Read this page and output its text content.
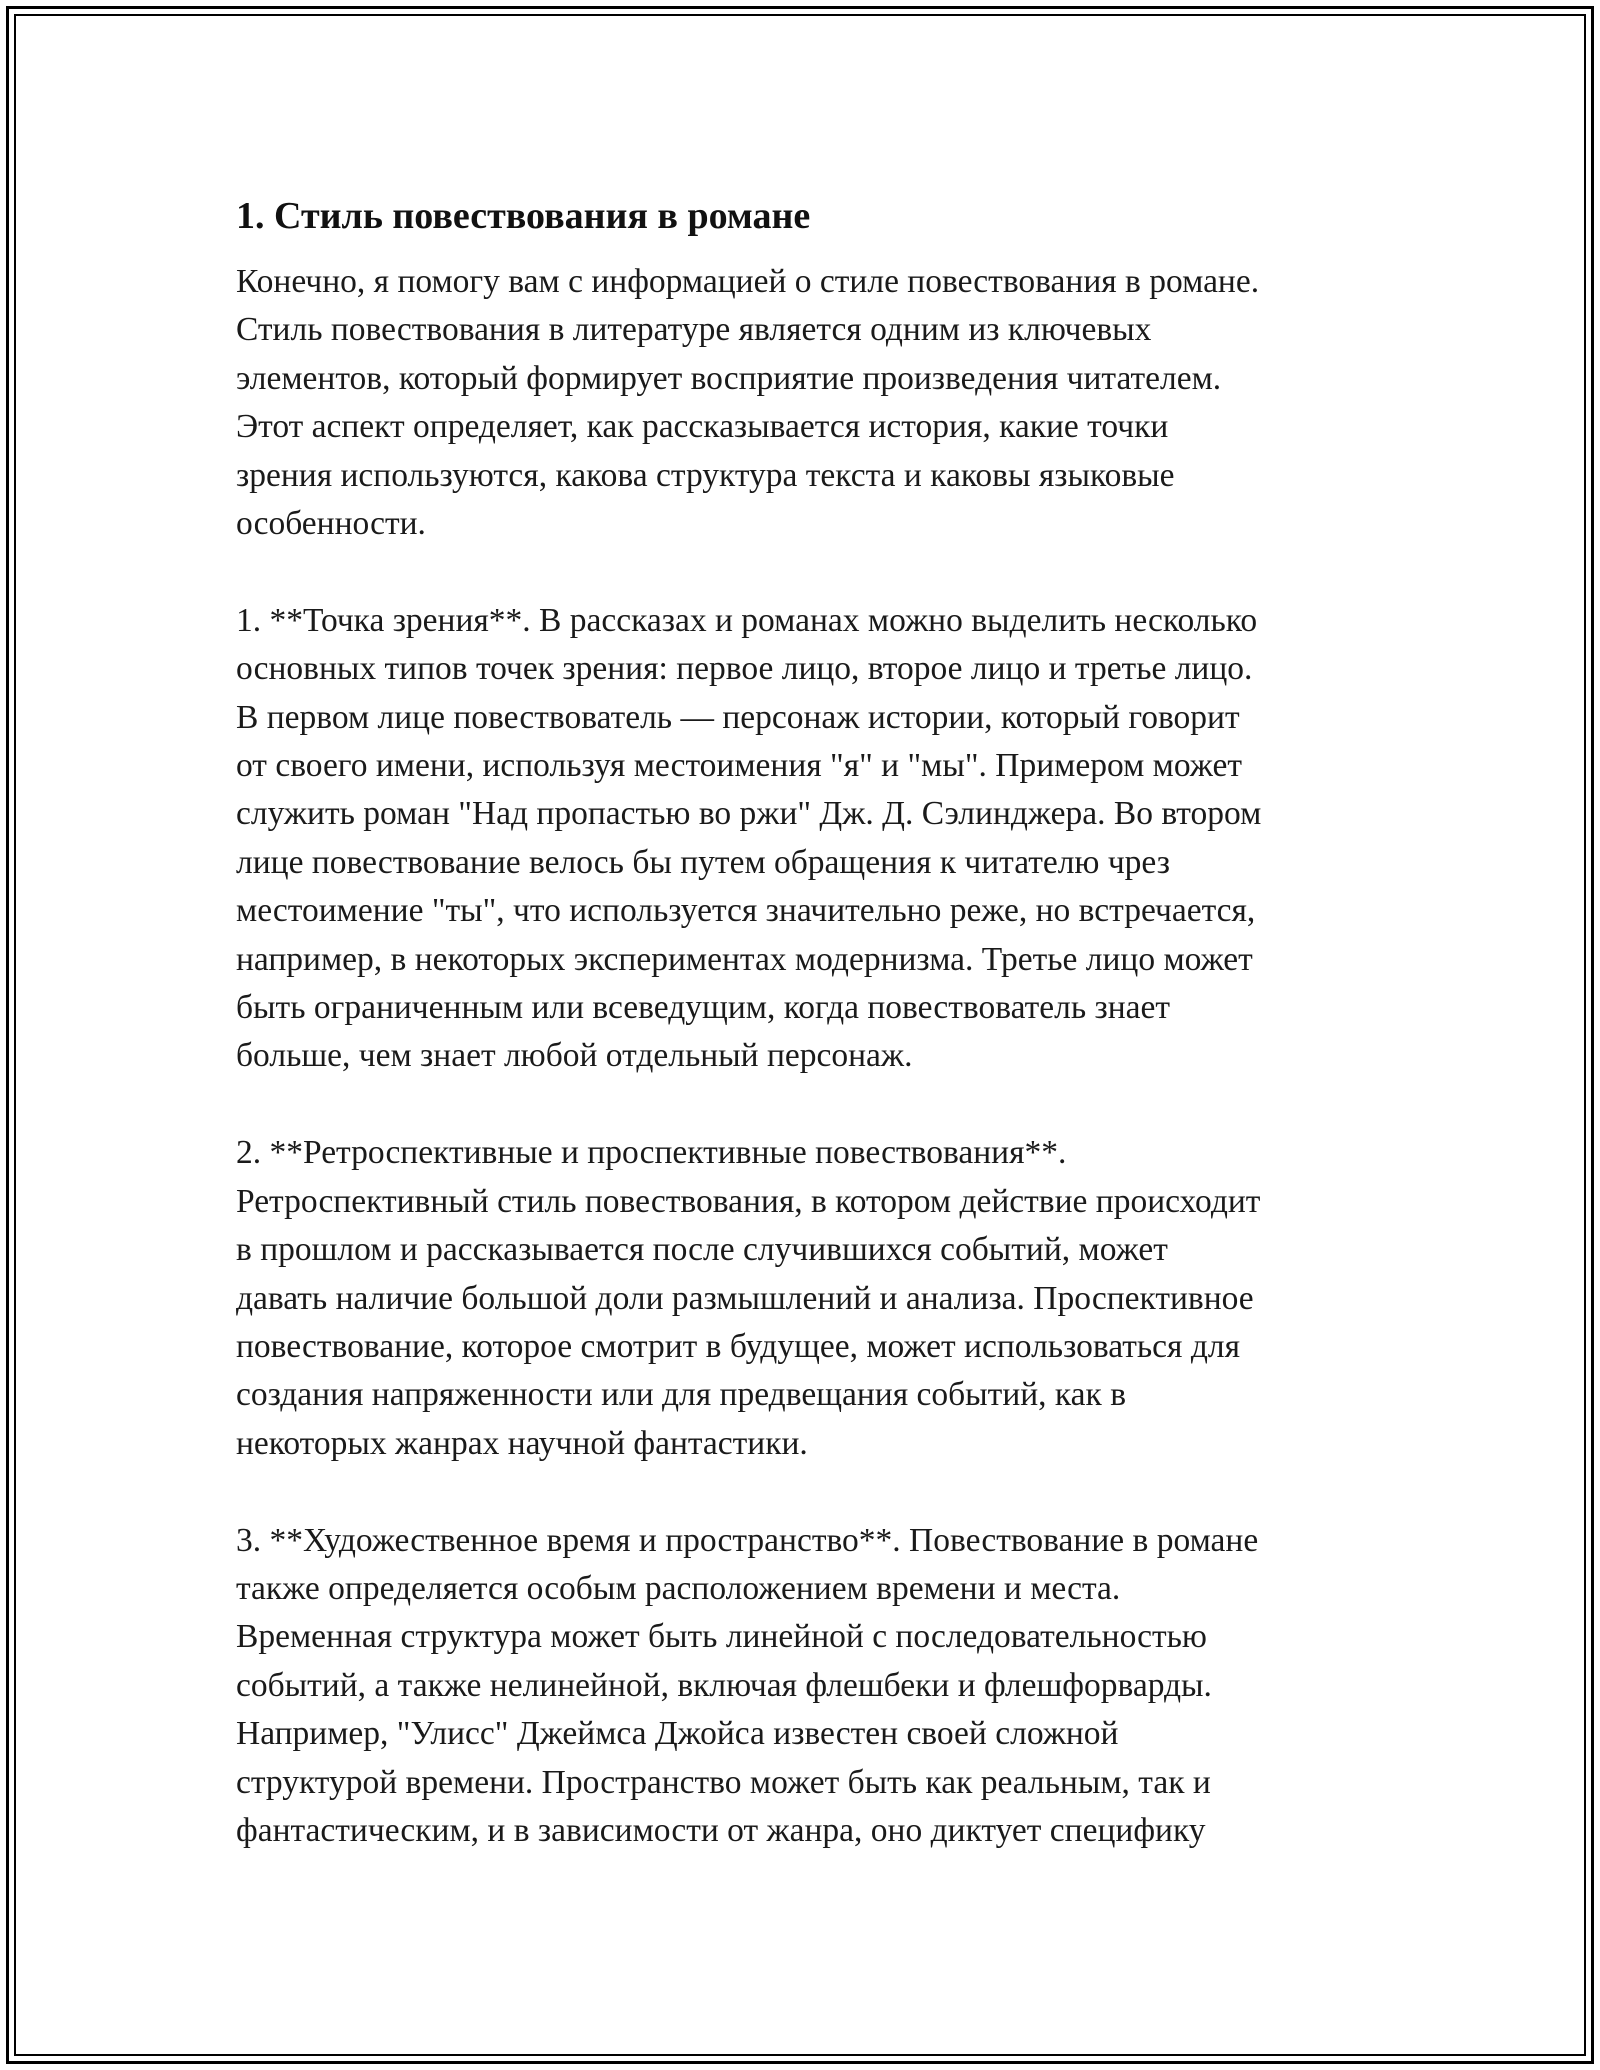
1. Стиль повествования в романе
Конечно, я помогу вам с информацией о стиле повествования в романе.
Стиль повествования в литературе является одним из ключевых
элементов, который формирует восприятие произведения читателем.
Этот аспект определяет, как рассказывается история, какие точки
зрения используются, какова структура текста и каковы языковые
особенности.
1. **Точка зрения**. В рассказах и романах можно выделить несколько
основных типов точек зрения: первое лицо, второе лицо и третье лицо.
В первом лице повествователь — персонаж истории, который говорит
от своего имени, используя местоимения "я" и "мы". Примером может
служить роман "Над пропастью во ржи" Дж. Д. Сэлинджера. Во втором
лице повествование велось бы путем обращения к читателю чрез
местоимение "ты", что используется значительно реже, но встречается,
например, в некоторых экспериментах модернизма. Третье лицо может
быть ограниченным или всеведущим, когда повествователь знает
больше, чем знает любой отдельный персонаж.
2. **Ретроспективные и проспективные повествования**.
Ретроспективный стиль повествования, в котором действие происходит
в прошлом и рассказывается после случившихся событий, может
давать наличие большой доли размышлений и анализа. Проспективное
повествование, которое смотрит в будущее, может использоваться для
создания напряженности или для предвещания событий, как в
некоторых жанрах научной фантастики.
3. **Художественное время и пространство**. Повествование в романе
также определяется особым расположением времени и места.
Временная структура может быть линейной с последовательностью
событий, а также нелинейной, включая флешбеки и флешфорварды.
Например, "Улисс" Джеймса Джойса известен своей сложной
структурой времени. Пространство может быть как реальным, так и
фантастическим, и в зависимости от жанра, оно диктует специфику
